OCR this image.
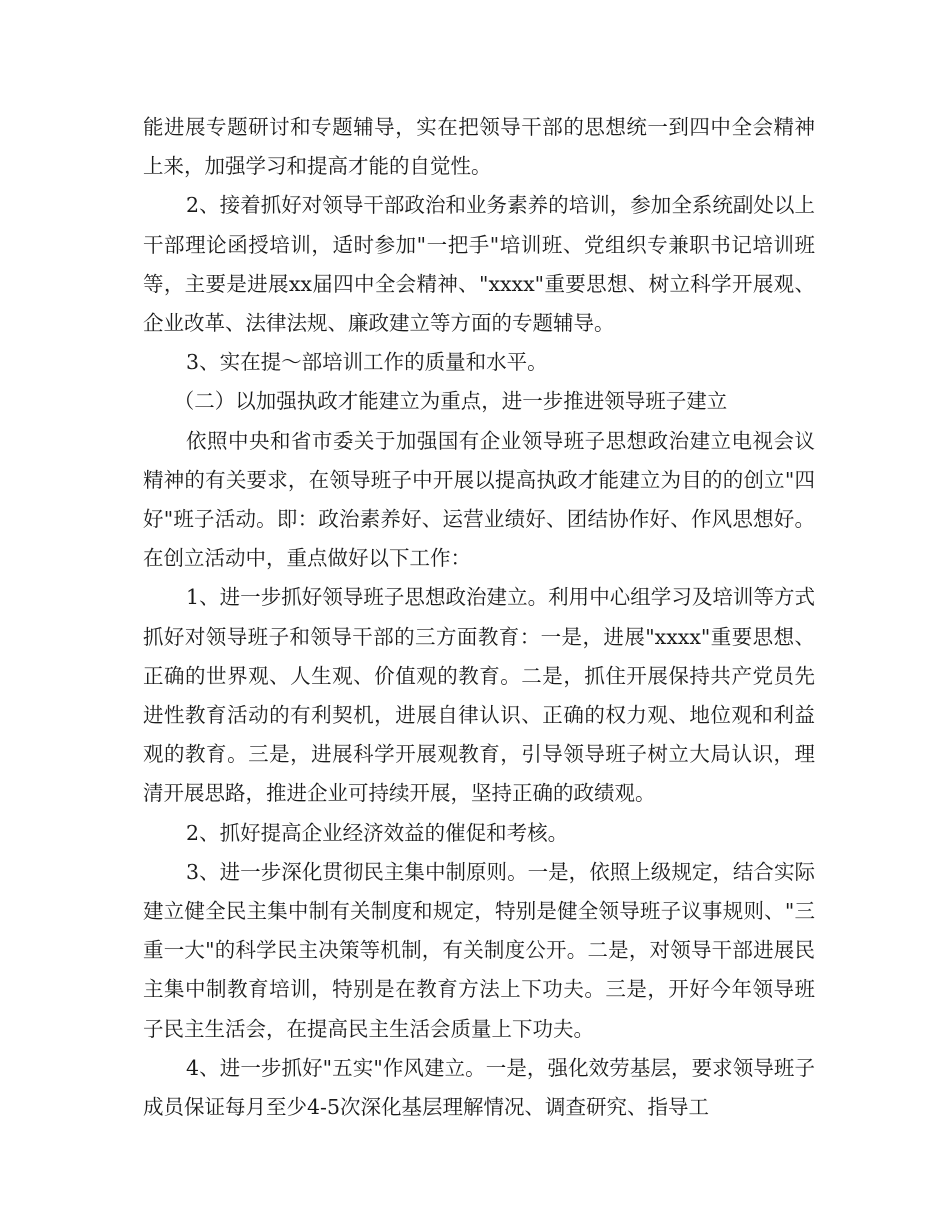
能进展专题研讨和专题辅导，实在把领导干部的思想统一到四中全会精神上来，加强学习和提高才能的自觉性。

2、接着抓好对领导干部政治和业务素养的培训，参加全系统副处以上干部理论函授培训，适时参加"一把手"培训班、党组织专兼职书记培训班等，主要是进展xx届四中全会精神、"xxxx"重要思想、树立科学开展观、企业改革、法律法规、廉政建立等方面的专题辅导。

3、实在提～部培训工作的质量和水平。

（二）以加强执政才能建立为重点，进一步推进领导班子建立

依照中央和省市委关于加强国有企业领导班子思想政治建立电视会议精神的有关要求，在领导班子中开展以提高执政才能建立为目的的创立"四好"班子活动。即：政治素养好、运营业绩好、团结协作好、作风思想好。在创立活动中，重点做好以下工作：

1、进一步抓好领导班子思想政治建立。利用中心组学习及培训等方式抓好对领导班子和领导干部的三方面教育：一是，进展"xxxx"重要思想、正确的世界观、人生观、价值观的教育。二是，抓住开展保持共产党员先进性教育活动的有利契机，进展自律认识、正确的权力观、地位观和利益观的教育。三是，进展科学开展观教育，引导领导班子树立大局认识，理清开展思路，推进企业可持续开展，坚持正确的政绩观。

2、抓好提高企业经济效益的催促和考核。

3、进一步深化贯彻民主集中制原则。一是，依照上级规定，结合实际建立健全民主集中制有关制度和规定，特别是健全领导班子议事规则、"三重一大"的科学民主决策等机制，有关制度公开。二是，对领导干部进展民主集中制教育培训，特别是在教育方法上下功夫。三是，开好今年领导班子民主生活会，在提高民主生活会质量上下功夫。

4、进一步抓好"五实"作风建立。一是，强化效劳基层，要求领导班子成员保证每月至少4-5次深化基层理解情况、调查研究、指导工
